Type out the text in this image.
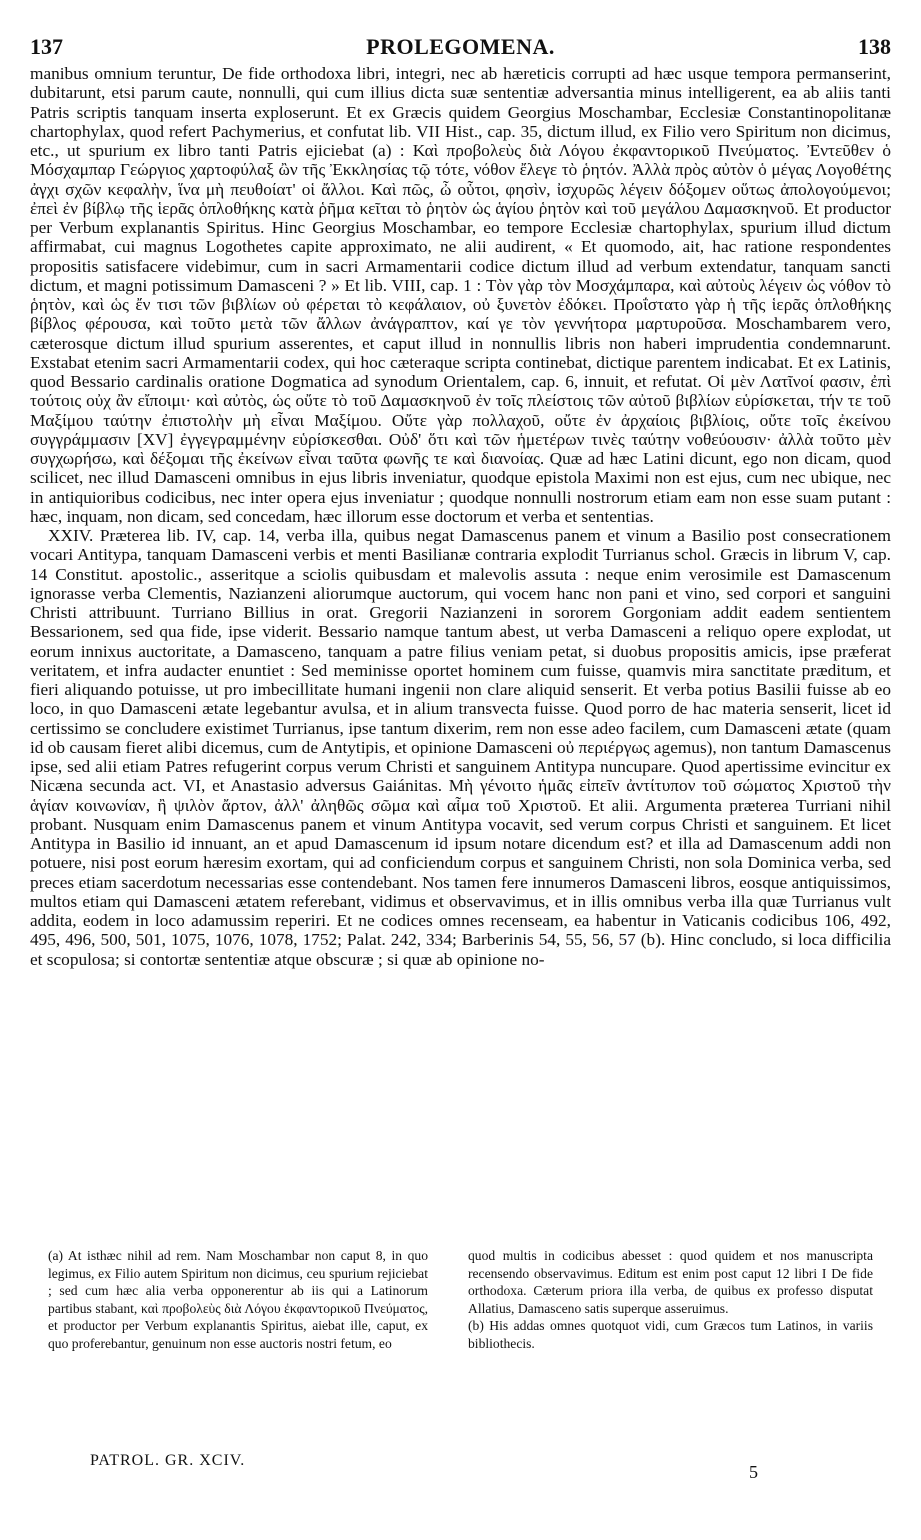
137	PROLEGOMENA.	138

manibus omnium teruntur, De fide orthodoxa libri, integri, nec ab hæreticis corrupti ad hæc usque tempora permanserint, dubitarunt, etsi parum caute, nonnulli, qui cum illius dicta suæ sententiæ adversantia minus intelligerent, ea ab aliis tanti Patris scriptis tanquam inserta exploserunt. Et ex Græcis quidem Georgius Moschambar, Ecclesiæ Constantinopolitanæ chartophylax, quod refert Pachymerius, et confutat lib. VII Hist., cap. 35, dictum illud, ex Filio vero Spiritum non dicimus, etc., ut spurium ex libro tanti Patris ejiciebat (a) : Καὶ προβολεὺς διὰ Λόγου ἐκφαντορικοῦ Πνεύματος. Ἐντεῦθεν ὁ Μόσχαμπαρ Γεώργιος χαρτοφύλαξ ὢν τῆς Ἐκκλησίας τῷ τότε, νόθον ἔλεγε τὸ ῥητόν. Ἀλλὰ πρὸς αὐτὸν ὁ μέγας Λογοθέτης ἀγχι σχῶν κεφαλὴν, ἵνα μὴ πευθοίατ' οἱ ἄλλοι. Καὶ πῶς, ὦ οὗτοι, φησὶν, ἰσχυρῶς λέγειν δόξομεν οὕτως ἀπολογούμενοι; ἐπεὶ ἐν βίβλῳ τῆς ἱερᾶς ὁπλοθήκης κατὰ ῥῆμα κεῖται τὸ ῥητὸν ὡς ἁγίου ῥητὸν καὶ τοῦ μεγάλου Δαμασκηνοῦ. Et productor per Verbum explanantis Spiritus. Hinc Georgius Moschambar, eo tempore Ecclesiæ chartophylax, spurium illud dictum affirmabat, cui magnus Logothetes capite approximato, ne alii audirent, « Et quomodo, ait, hac ratione respondentes propositis satisfacere videbimur, cum in sacri Armamentarii codice dictum illud ad verbum extendatur, tanquam sancti dictum, et magni potissimum Damasceni ? » Et lib. VIII, cap. 1 : Τὸν γὰρ τὸν Μοσχάμπαρα, καὶ αὐτοὺς λέγειν ὡς νόθον τὸ ῥητὸν, καὶ ὡς ἔν τισι τῶν βιβλίων οὐ φέρεται τὸ κεφάλαιον, οὐ ξυνετὸν ἐδόκει. Προΐστατο γὰρ ἡ τῆς ἱερᾶς ὁπλοθήκης βίβλος φέρουσα, καὶ τοῦτο μετὰ τῶν ἄλλων ἀνάγραπτον, καί γε τὸν γεννήτορα μαρτυροῦσα. Moschambarem vero, cæterosque dictum illud spurium asserentes, et caput illud in nonnullis libris non haberi imprudentia condemnarunt. Exstabat etenim sacri Armamentarii codex, qui hoc cæteraque scripta continebat, dictique parentem indicabat. Et ex Latinis, quod Bessario cardinalis oratione Dogmatica ad synodum Orientalem, cap. 6, innuit, et refutat. Οἱ μὲν Λατῖνοί φασιν, ἐπὶ τούτοις οὐχ ἂν εἴποιμι· καὶ αὐτὸς, ὡς οὔτε τὸ τοῦ Δαμασκηνοῦ ἐν τοῖς πλείστοις τῶν αὐτοῦ βιβλίων εὑρίσκεται, τήν τε τοῦ Μαξίμου ταύτην ἐπιστολὴν μὴ εἶναι Μαξίμου. Οὔτε γὰρ πολλαχοῦ, οὔτε ἐν ἀρχαίοις βιβλίοις, οὔτε τοῖς ἐκείνου συγγράμμασιν [XV] ἐγγεγραμμένην εὑρίσκεσθαι. Οὐδ' ὅτι καὶ τῶν ἡμετέρων τινὲς ταύτην νοθεύουσιν· ἀλλὰ τοῦτο μὲν συγχωρήσω, καὶ δέξομαι τῆς ἐκείνων εἶναι ταῦτα φωνῆς τε καὶ διανοίας. Quæ ad hæc Latini dicunt, ego non dicam, quod scilicet, nec illud Damasceni omnibus in ejus libris inveniatur, quodque epistola Maximi non est ejus, cum nec ubique, nec in antiquioribus codicibus, nec inter opera ejus inveniatur ; quodque nonnulli nostrorum etiam eam non esse suam putant : hæc, inquam, non dicam, sed concedam, hæc illorum esse doctorum et verba et sententias.

XXIV. Præterea lib. IV, cap. 14, verba illa, quibus negat Damascenus panem et vinum a Basilio post consecrationem vocari Antitypa, tanquam Damasceni verbis et menti Basilianæ contraria explodit Turrianus schol. Græcis in librum V, cap. 14 Constitut. apostolic., asseritque a sciolis quibusdam et malevolis assuta : neque enim verosimile est Damascenum ignorasse verba Clementis, Nazianzeni aliorumque auctorum, qui vocem hanc non pani et vino, sed corpori et sanguini Christi attribuunt. Turriano Billius in orat. Gregorii Nazianzeni in sororem Gorgoniam addit eadem sentientem Bessarionem, sed qua fide, ipse viderit. Bessario namque tantum abest, ut verba Damasceni a reliquo opere explodat, ut eorum innixus auctoritate, a Damasceno, tanquam a patre filius veniam petat, si duobus propositis amicis, ipse præferat veritatem, et infra audacter enuntiet : Sed meminisse oportet hominem cum fuisse, quamvis mira sanctitate præditum, et fieri aliquando potuisse, ut pro imbecillitate humani ingenii non clare aliquid senserit. Et verba potius Basilii fuisse ab eo loco, in quo Damasceni ætate legebantur avulsa, et in alium transvecta fuisse. Quod porro de hac materia senserit, licet id certissimo se concludere existimet Turrianus, ipse tantum dixerim, rem non esse adeo facilem, cum Damasceni ætate (quam id ob causam fieret alibi dicemus, cum de Antytipis, et opinione Damasceni οὐ περιέργως agemus), non tantum Damascenus ipse, sed alii etiam Patres refugerint corpus verum Christi et sanguinem Antitypa nuncupare. Quod apertissime evincitur ex Nicæna secunda act. VI, et Anastasio adversus Gaiánitas. Μὴ γένοιτο ἡμᾶς εἰπεῖν ἀντίτυπον τοῦ σώματος Χριστοῦ τὴν ἁγίαν κοινωνίαν, ἢ ψιλὸν ἄρτον, ἀλλ' ἀληθῶς σῶμα καὶ αἷμα τοῦ Χριστοῦ. Et alii. Argumenta præterea Turriani nihil probant. Nusquam enim Damascenus panem et vinum Antitypa vocavit, sed verum corpus Christi et sanguinem. Et licet Antitypa in Basilio id innuant, an et apud Damascenum id ipsum notare dicendum est? et illa ad Damascenum addi non potuere, nisi post eorum hæresim exortam, qui ad conficiendum corpus et sanguinem Christi, non sola Dominica verba, sed preces etiam sacerdotum necessarias esse contendebant. Nos tamen fere innumeros Damasceni libros, eosque antiquissimos, multos etiam qui Damasceni ætatem referebant, vidimus et observavimus, et in illis omnibus verba illa quæ Turrianus vult addita, eodem in loco adamussim reperiri. Et ne codices omnes recenseam, ea habentur in Vaticanis codicibus 106, 492, 495, 496, 500, 501, 1075, 1076, 1078, 1752; Palat. 242, 334; Barberinis 54, 55, 56, 57 (b). Hinc concludo, si loca difficilia et scopulosa; si contortæ sententiæ atque obscuræ ; si quæ ab opinione no-

(a) At isthæc nihil ad rem. Nam Moschambar non caput 8, in quo legimus, ex Filio autem Spiritum non dicimus, ceu spurium rejiciebat ; sed cum hæc alia verba opponerentur ab iis qui a Latinorum partibus stabant, καὶ προβολεὺς διὰ Λόγου ἐκφαντορικοῦ Πνεύματος, et productor per Verbum explanantis Spiritus, aiebat ille, caput, ex quo proferebantur, genuinum non esse auctoris nostri fetum, eo

quod multis in codicibus abesset : quod quidem et nos manuscripta recensendo observavimus. Editum est enim post caput 12 libri I De fide orthodoxa. Cæterum priora illa verba, de quibus ex professo disputat Allatius, Damasceno satis superque asseruimus.

(b) His addas omnes quotquot vidi, cum Græcos tum Latinos, in variis bibliothecis.

PATROL. GR. XCIV.
5
